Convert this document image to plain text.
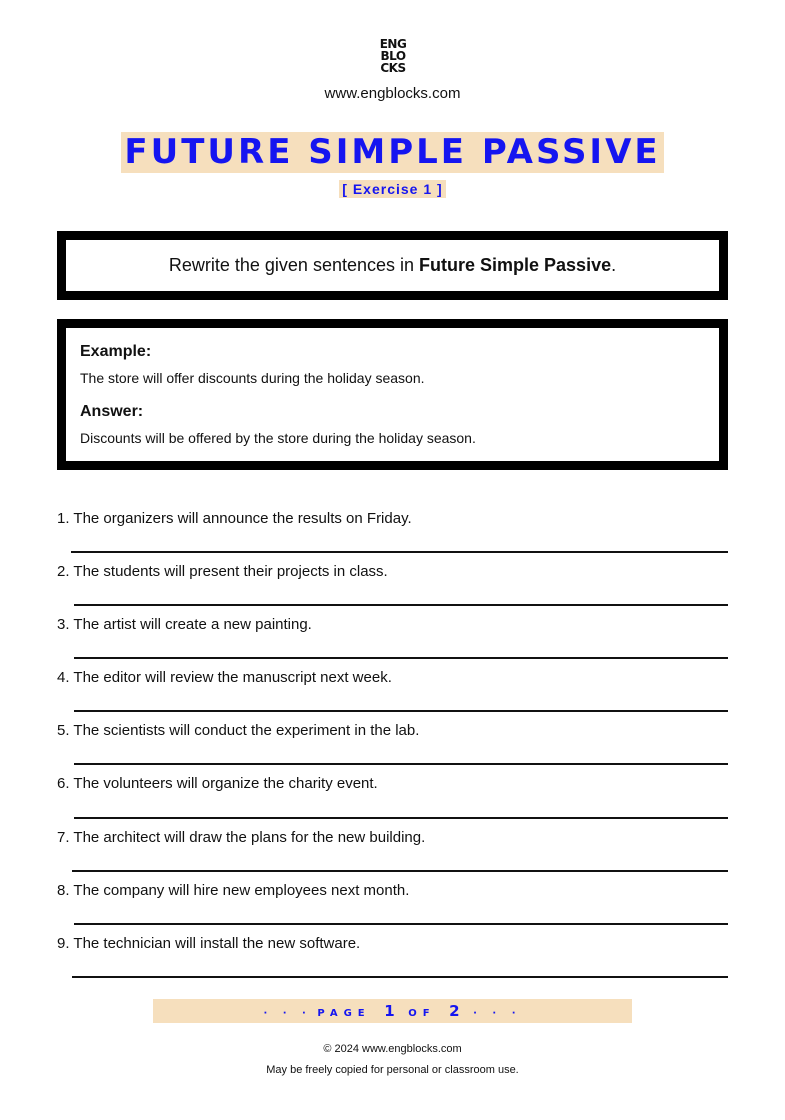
ENG
BLO
CKS
www.engblocks.com
FUTURE SIMPLE PASSIVE
[ Exercise 1 ]
Rewrite the given sentences in Future Simple Passive .

Example:

The store will offer discounts during the holiday season.

Answer:

Discounts will be offered by the store during the holiday season.

1. The organizers will announce the results on Friday.
2. The students will present their projects in class.
3. The artist will create a new painting.
4. The editor will review the manuscript next week.
5. The scientists will conduct the experiment in the lab.
6. The volunteers will organize the charity event.
7. The architect will draw the plans for the new building.
8. The company will hire new employees next month.
9. The technician will install the new software.
· · · PAGE 1 OF 2 · · ·
© 2024 www.engblocks.com
May be freely copied for personal or classroom use.
